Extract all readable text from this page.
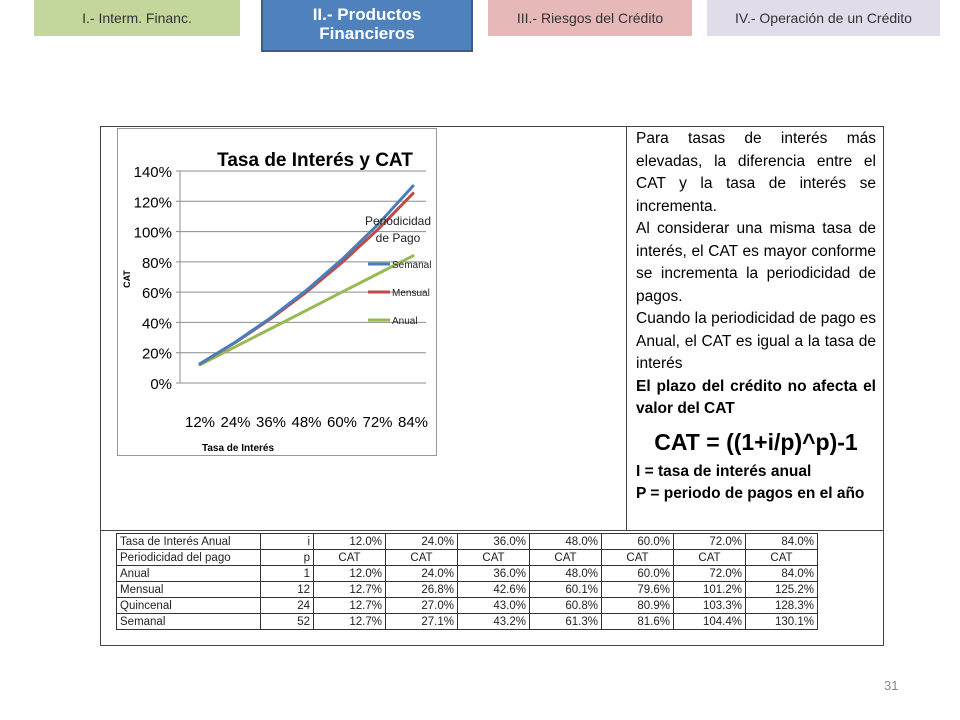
I.- Interm. Financ.	II.- Productos Financieros
III.- Riesgos del Crédito	IV.- Operación de un Crédito
Tasa de Interés y CAT
0%
20%
40%
60%
80%
100%
120%
140%
12% 24% 36% 48% 60% 72% 84%
Tasa de Interés
CAT
Periodicidad de Pago
Semanal
Mensual
Anual

Para tasas de interés más elevadas, la diferencia entre el CAT y la tasa de interés se incrementa.

Al considerar una misma tasa de interés, el CAT es mayor conforme se incrementa la periodicidad de pagos.

Cuando la periodicidad de pago es Anual, el CAT es igual a la tasa de interés

El plazo del crédito no afecta el valor del CAT

CAT = ((1+i/p)^p)-1

I = tasa de interés anual

P = periodo de pagos en el año

Tasa de Interés Anual	i	12.0%	24.0%	36.0%	48.0%	60.0%	72.0%	84.0%
Periodicidad del pago	p	CAT	CAT	CAT	CAT	CAT	CAT	CAT
Anual	1	12.0%	24.0%	36.0%	48.0%	60.0%	72.0%	84.0%
Mensual	12	12.7%	26.8%	42.6%	60.1%	79.6%	101.2%	125.2%
Quincenal	24	12.7%	27.0%	43.0%	60.8%	80.9%	103.3%	128.3%
Semanal	52	12.7%	27.1%	43.2%	61.3%	81.6%	104.4%	130.1%
31
